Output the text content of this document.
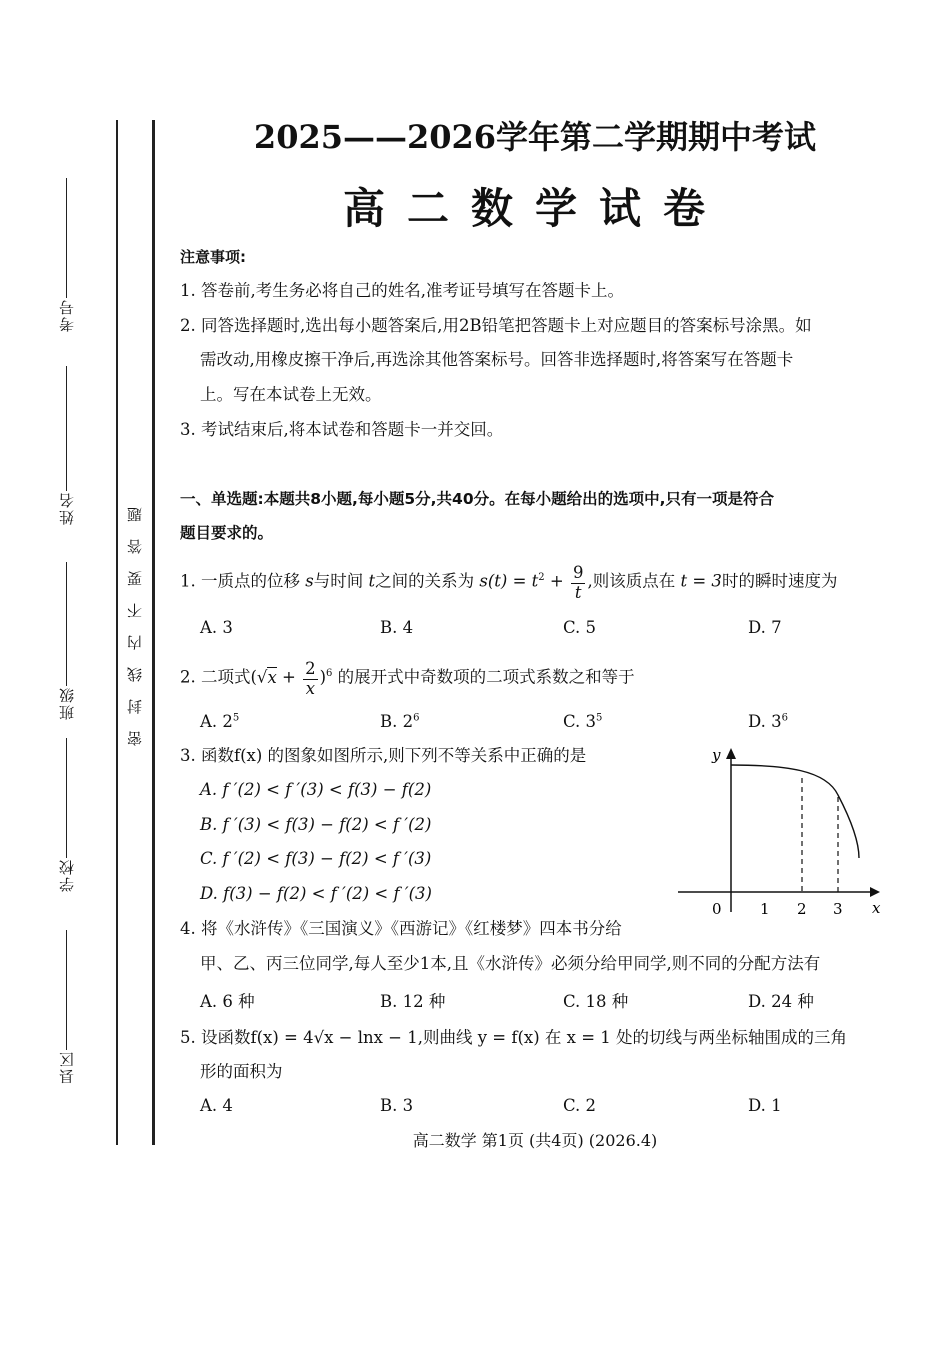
考号
姓名
班级
学校
县区
密封线内不要答题
2025——2026学年第二学期期中考试
高二数学试卷
注意事项:
1. 答卷前,考生务必将自己的姓名,准考证号填写在答题卡上。
2. 同答选择题时,选出每小题答案后,用2B铅笔把答题卡上对应题目的答案标号涂黑。如
需改动,用橡皮擦干净后,再选涂其他答案标号。回答非选择题时,将答案写在答题卡
上。写在本试卷上无效。
3. 考试结束后,将本试卷和答题卡一并交回。
一、单选题:本题共8小题,每小题5分,共40分。在每小题给出的选项中,只有一项是符合
题目要求的。
1. 一质点的位移 s与时间 t之间的关系为 $s(t) = t^2 + \frac{9}{t}$ ,则该质点在 t = 3时的瞬时速度为
A. 3	B. 4	C. 5	D. 7
2. 二项式$(√x + \frac{2}{x} )^6$ 的展开式中奇数项的二项式系数之和等于
A. $2^5$	B. $2^6$	C. $3^5$	D. $3^6$
3. 函数f(x) 的图象如图所示,则下列不等关系中正确的是
A. f ′(2) < f ′(3) < f(3) − f(2)
B. f ′(3) < f(3) − f(2) < f ′(2)
C. f ′(2) < f(3) − f(2) < f ′(3)
D. f(3) − f(2) < f ′(2) < f ′(3)
y
x
0	1 2 3
4. 将《水浒传》《三国演义》《西游记》《红楼梦》四本书分给
甲、乙、丙三位同学,每人至少1本,且《水浒传》必须分给甲同学,则不同的分配方法有
A. 6 种	B. 12 种	C. 18 种	D. 24 种
5. 设函数f(x) = 4√x − lnx − 1,则曲线 y = f(x) 在 x = 1 处的切线与两坐标轴围成的三角
形的面积为
A. 4	B. 3	C. 2	D. 1
高二数学 第1页 (共4页) (2026.4)
